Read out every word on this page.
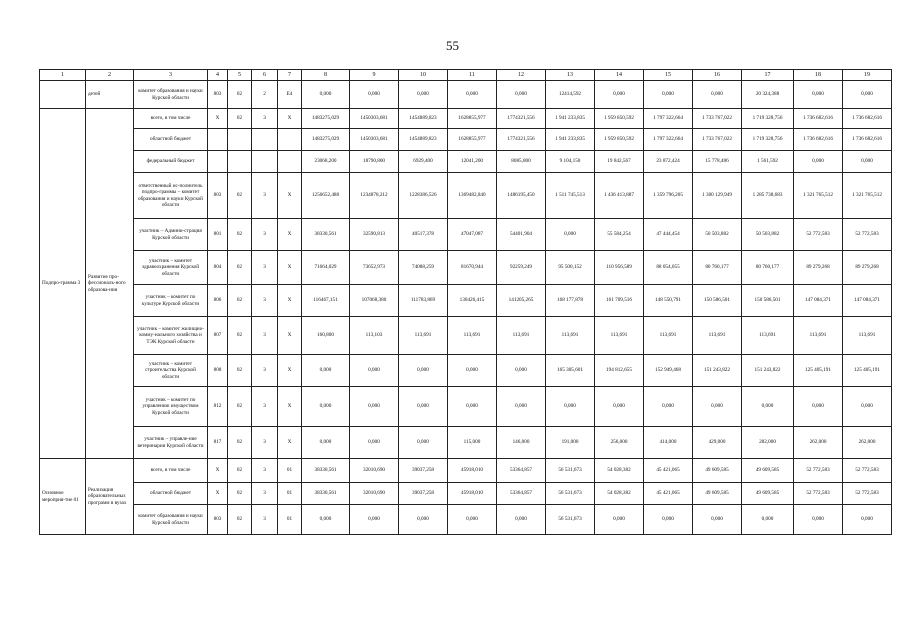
55
1	2	3	4	5	6	7	8	9	10	11	12	13	14	15	16	17	18	19
	детей	комитет образования и науки Курской области	803	02	2	Е4	0,000	0,000	0,000	0,000	0,000	12414,592	0,000	0,000	0,000	20 324,388	0,000	0,000
Подпро-грамма 3	Развитие про-фессиональ-ного образова-ния	всего, в том числе	Х	02	3	Х	1483275,029	1450303,681	1454889,823	1628855,977	1774321,556	1 941 233,835	1 959 850,592	1 797 322,664	1 733 767,022	1 719 328,756	1 736 682,616	1 736 682,616
		областной бюджет					1483275,029	1450303,681	1454889,823	1628855,977	1774321,556	1 941 233,835	1 959 850,592	1 797 322,664	1 733 767,022	1 719 328,756	1 736 682,616	1 736 682,616
		федеральный бюджет					23068,200	18790,800	6929,400	12041,200	8085,800	9 104,150	19 842,567	23 872,424	15 778,486	1 561,592	0,000	0,000
		ответственный ис-полнитель подпро-граммы – комитет образования и науки Курской области	803	02	3	Х	1256652,488	1234878,212	1228386,526	1369482,840	1486195,450	1 511 745,513	1 436 413,887	1 359 796,205	1 300 129,949	1 285 738,683	1 321 765,512	1 321 765,512
		участник – Админи-страция Курской области	801	02	3	Х	38330,561	32590,813	40517,378	47047,087	54401,904	0,000	55 584,254	47 444,454	50 503,882	50 503,882	52 772,583	52 772,583
		участник – комитет здравоохранения Курской области	804	02	3	Х	71664,029	73652,973	74088,259	81670,944	92259,249	95 500,152	110 956,589	88 054,055	80 760,177	80 760,177	89 279,268	89 279,268
		участник – комитет по культуре Курской области	806	02	3	Х	116467,151	107068,380	111783,869	130426,415	141205,265	168 177,878	161 709,516	148 550,791	150 586,501	150 586,501	147 084,371	147 084,371
		участник – комитет жилищно- комму-нального хозяйства и ТЭК Курской области	807	02	3	Х	160,800	113,103	113,691	113,691	113,691	113,691	113,691	113,691	113,691	113,691	113,691	113,691
		участник – комитет строительства Курской области	808	02	3	Х	0,000	0,000	0,000	0,000	0,000	165 305,601	194 812,655	152 949,468	151 243,822	151 243,822	125 405,191	125 405,191
		участник – комитет по управлению имуществом Курской области	812	02	3	Х	0,000	0,000	0,000	0,000	0,000	0,000	0,000	0,000	0,000	0,000	0,000	0,000
		участник – управле-ние ветеринарии Курской области	817	02	3	Х	0,000	0,000	0,000	115,000	146,000	191,000	256,000	414,000	429,000	282,000	262,000	262,000
Основное мероприя-тие 01	Реализация образовательных программ в вузах	всего, в том числе	Х	02	3	01	38330,561	32010,690	39037,258	45918,010	53364,857	56 531,673	54 028,382	45 421,065	49 609,585	49 609,585	52 772,583	52 772,583
		областной бюджет	Х	02	3	01	38330,561	32010,690	39037,258	45918,010	53364,857	56 531,673	54 028,382	45 421,065	49 609,585	49 609,585	52 772,583	52 772,583
		комитет образования и науки Курской области	803	02	3	01	0,000	0,000	0,000	0,000	0,000	56 531,673	0,000	0,000	0,000	0,000	0,000	0,000
